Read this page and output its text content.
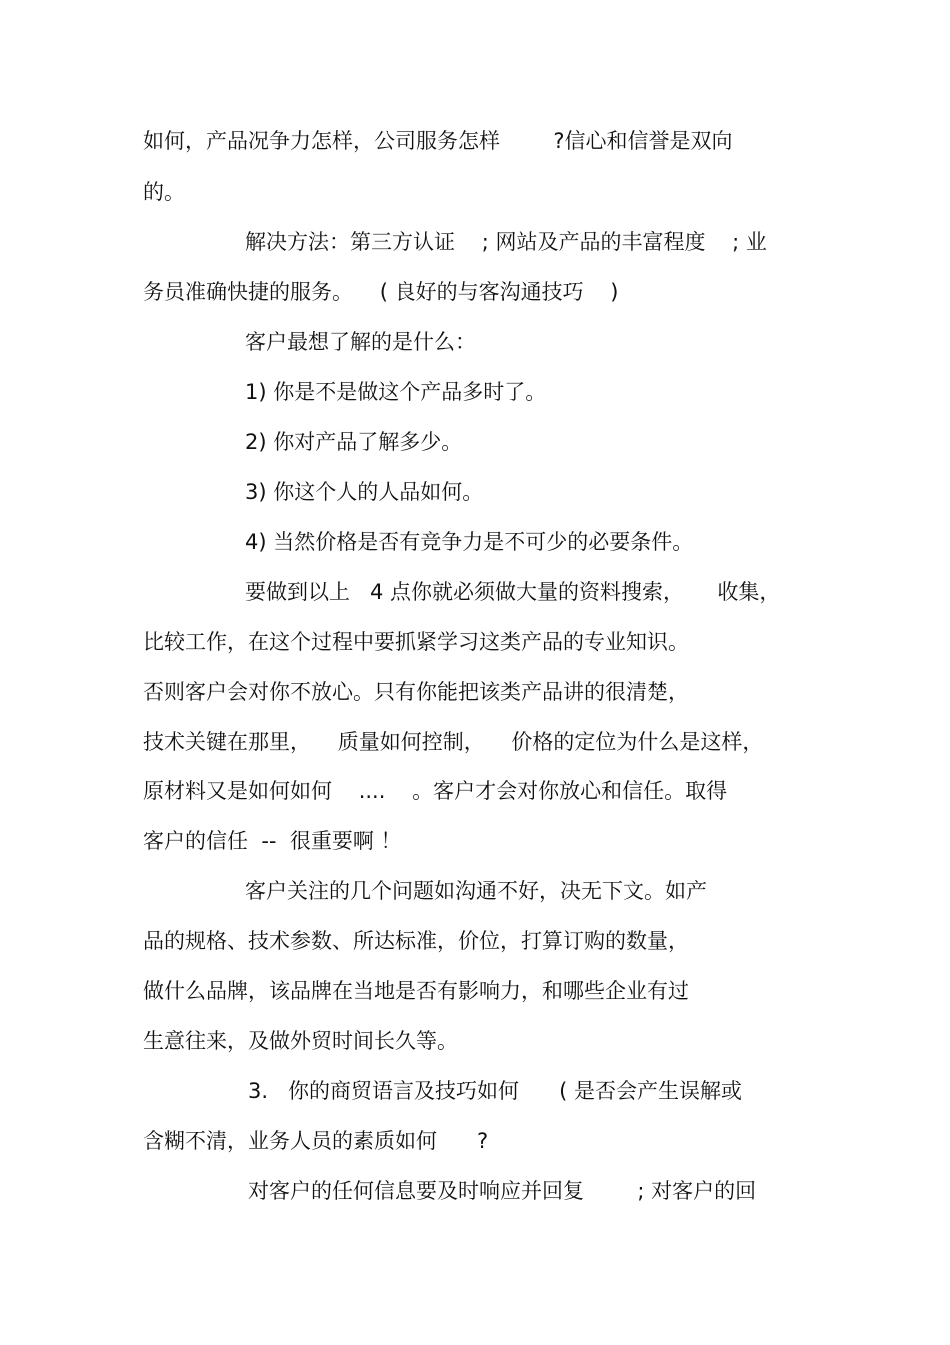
如何，产品况争力怎样，公司服务怎样        ?信心和信誉是双向
的。
解决方法：第三方认证    ; 网站及产品的丰富程度    ; 业
务员准确快捷的服务。    ( 良好的与客沟通技巧    )
客户最想了解的是什么：
1) 你是不是做这个产品多时了。
2) 你对产品了解多少。
3) 你这个人的人品如何。
4) 当然价格是否有竞争力是不可少的必要条件。
要做到以上   4 点你就必须做大量的资料搜索，     收集，
比较工作，在这个过程中要抓紧学习这类产品的专业知识。
否则客户会对你不放心。只有你能把该类产品讲的很清楚，
技术关键在那里，    质量如何控制，    价格的定位为什么是这样，
原材料又是如何如何    ....    。客户才会对你放心和信任。取得
客户的信任  --  很重要啊 ！
客户关注的几个问题如沟通不好，决无下文。如产
品的规格、技术参数、所达标准，价位，打算订购的数量，
做什么品牌，该品牌在当地是否有影响力，和哪些企业有过
生意往来，及做外贸时间长久等。
3.   你的商贸语言及技巧如何      ( 是否会产生误解或
含糊不清，业务人员的素质如何      ?
对客户的任何信息要及时响应并回复        ; 对客户的回
